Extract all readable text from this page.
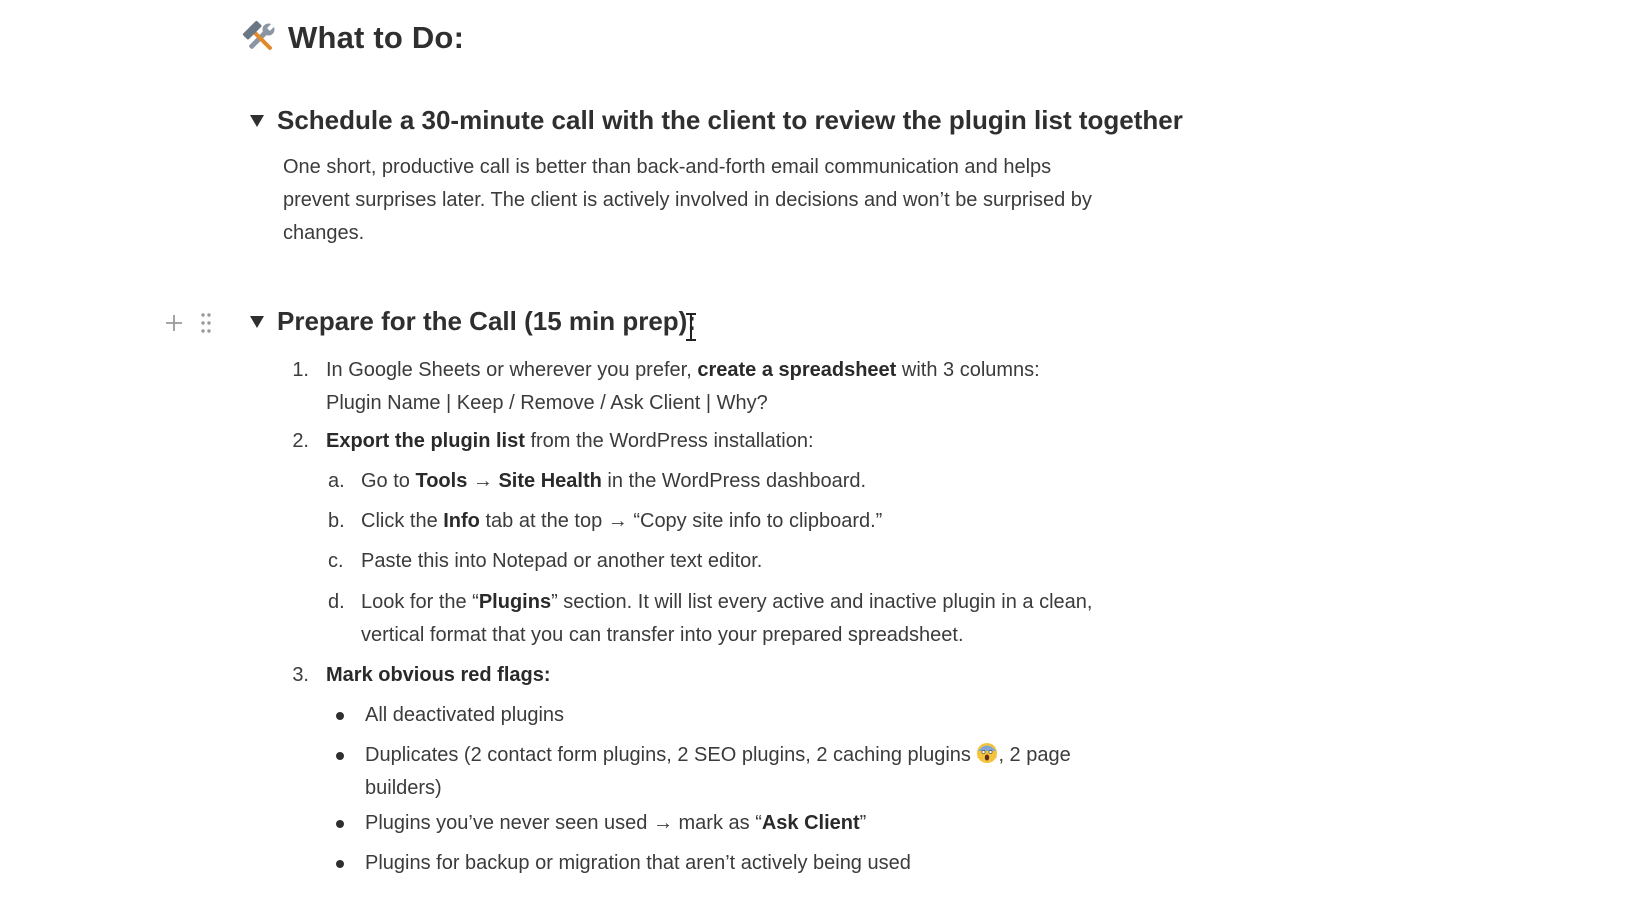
What to Do:
Schedule a 30-minute call with the client to review the plugin list together

One short, productive call is better than back-and-forth email communication and helps
prevent surprises later. The client is actively involved in decisions and won’t be surprised by
changes.

Prepare for the Call (15 min prep):
1. In Google Sheets or wherever you prefer, create a spreadsheet with 3 columns:
Plugin Name | Keep / Remove / Ask Client | Why?
2. Export the plugin list from the WordPress installation:
a. Go to Tools → Site Health in the WordPress dashboard.
b. Click the Info tab at the top → “Copy site info to clipboard.”
c. Paste this into Notepad or another text editor.
d. Look for the “Plugins” section. It will list every active and inactive plugin in a clean,
vertical format that you can transfer into your prepared spreadsheet.
3. Mark obvious red flags:
All deactivated plugins
Duplicates (2 contact form plugins, 2 SEO plugins, 2 caching plugins , 2 page
builders)
Plugins you’ve never seen used → mark as “Ask Client”
Plugins for backup or migration that aren’t actively being used
